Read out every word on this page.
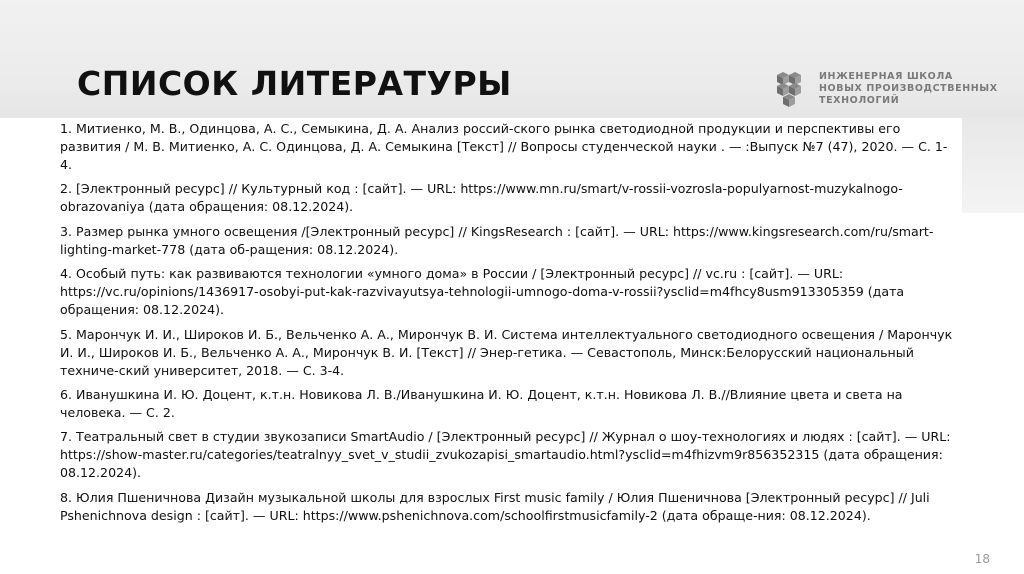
СПИСОК ЛИТЕРАТУРЫ	ИНЖЕНЕРНАЯ ШКОЛА
НОВЫХ ПРОИЗВОДСТВЕННЫХ
ТЕХНОЛОГИЙ
1. Митиенко, М. В., Одинцова, А. С., Семыкина, Д. А. Анализ россий-ского рынка светодиодной продукции и перспективы его развития / М. В. Митиенко, А. С. Одинцова, Д. А. Семыкина [Текст] // Вопросы студенческой науки . — :Выпуск №7 (47), 2020. — С. 1-4.
2. [Электронный ресурс] // Культурный код : [сайт]. — URL: https://www.mn.ru/smart/v-rossii-vozrosla-populyarnost-muzykalnogo-obrazovaniya (дата обращения: 08.12.2024).
3. Размер рынка умного освещения /[Электронный ресурс] // KingsResearch : [сайт]. — URL: https://www.kingsresearch.com/ru/smart-lighting-market-778 (дата об-ращения: 08.12.2024).
4. Особый путь: как развиваются технологии «умного дома» в России / [Электронный ресурс] // vc.ru : [сайт]. — URL: https://vc.ru/opinions/1436917-osobyi-put-kak-razvivayutsya-tehnologii-umnogo-doma-v-rossii?ysclid=m4fhcy8usm913305359 (дата обращения: 08.12.2024).
5. Марончук И. И., Широков И. Б., Вельченко А. А., Мирончук В. И. Система интеллектуального светодиодного освещения / Марончук И. И., Широков И. Б., Вельченко А. А., Мирончук В. И. [Текст] // Энер-гетика. — Севастополь, Минск:Белорусский национальный техниче-ский университет, 2018. — С. 3-4.
6. Иванушкина И. Ю. Доцент, к.т.н. Новикова Л. В./Иванушкина И. Ю. Доцент, к.т.н. Новикова Л. В.//Влияние цвета и света на человека. — С. 2.
7. Театральный свет в студии звукозаписи SmartAudio / [Электронный ресурс] // Журнал о шоу-технологиях и людях : [сайт]. — URL: https://show-master.ru/categories/teatralnyy_svet_v_studii_zvukozapisi_smartaudio.html?ysclid=m4fhizvm9r856352315 (дата обращения: 08.12.2024).
8. Юлия Пшеничнова Дизайн музыкальной школы для взрослых First music family / Юлия Пшеничнова [Электронный ресурс] // Juli Pshenichnova design : [сайт]. — URL: https://www.pshenichnova.com/schoolfirstmusicfamily-2 (дата обраще-ния: 08.12.2024).
18
